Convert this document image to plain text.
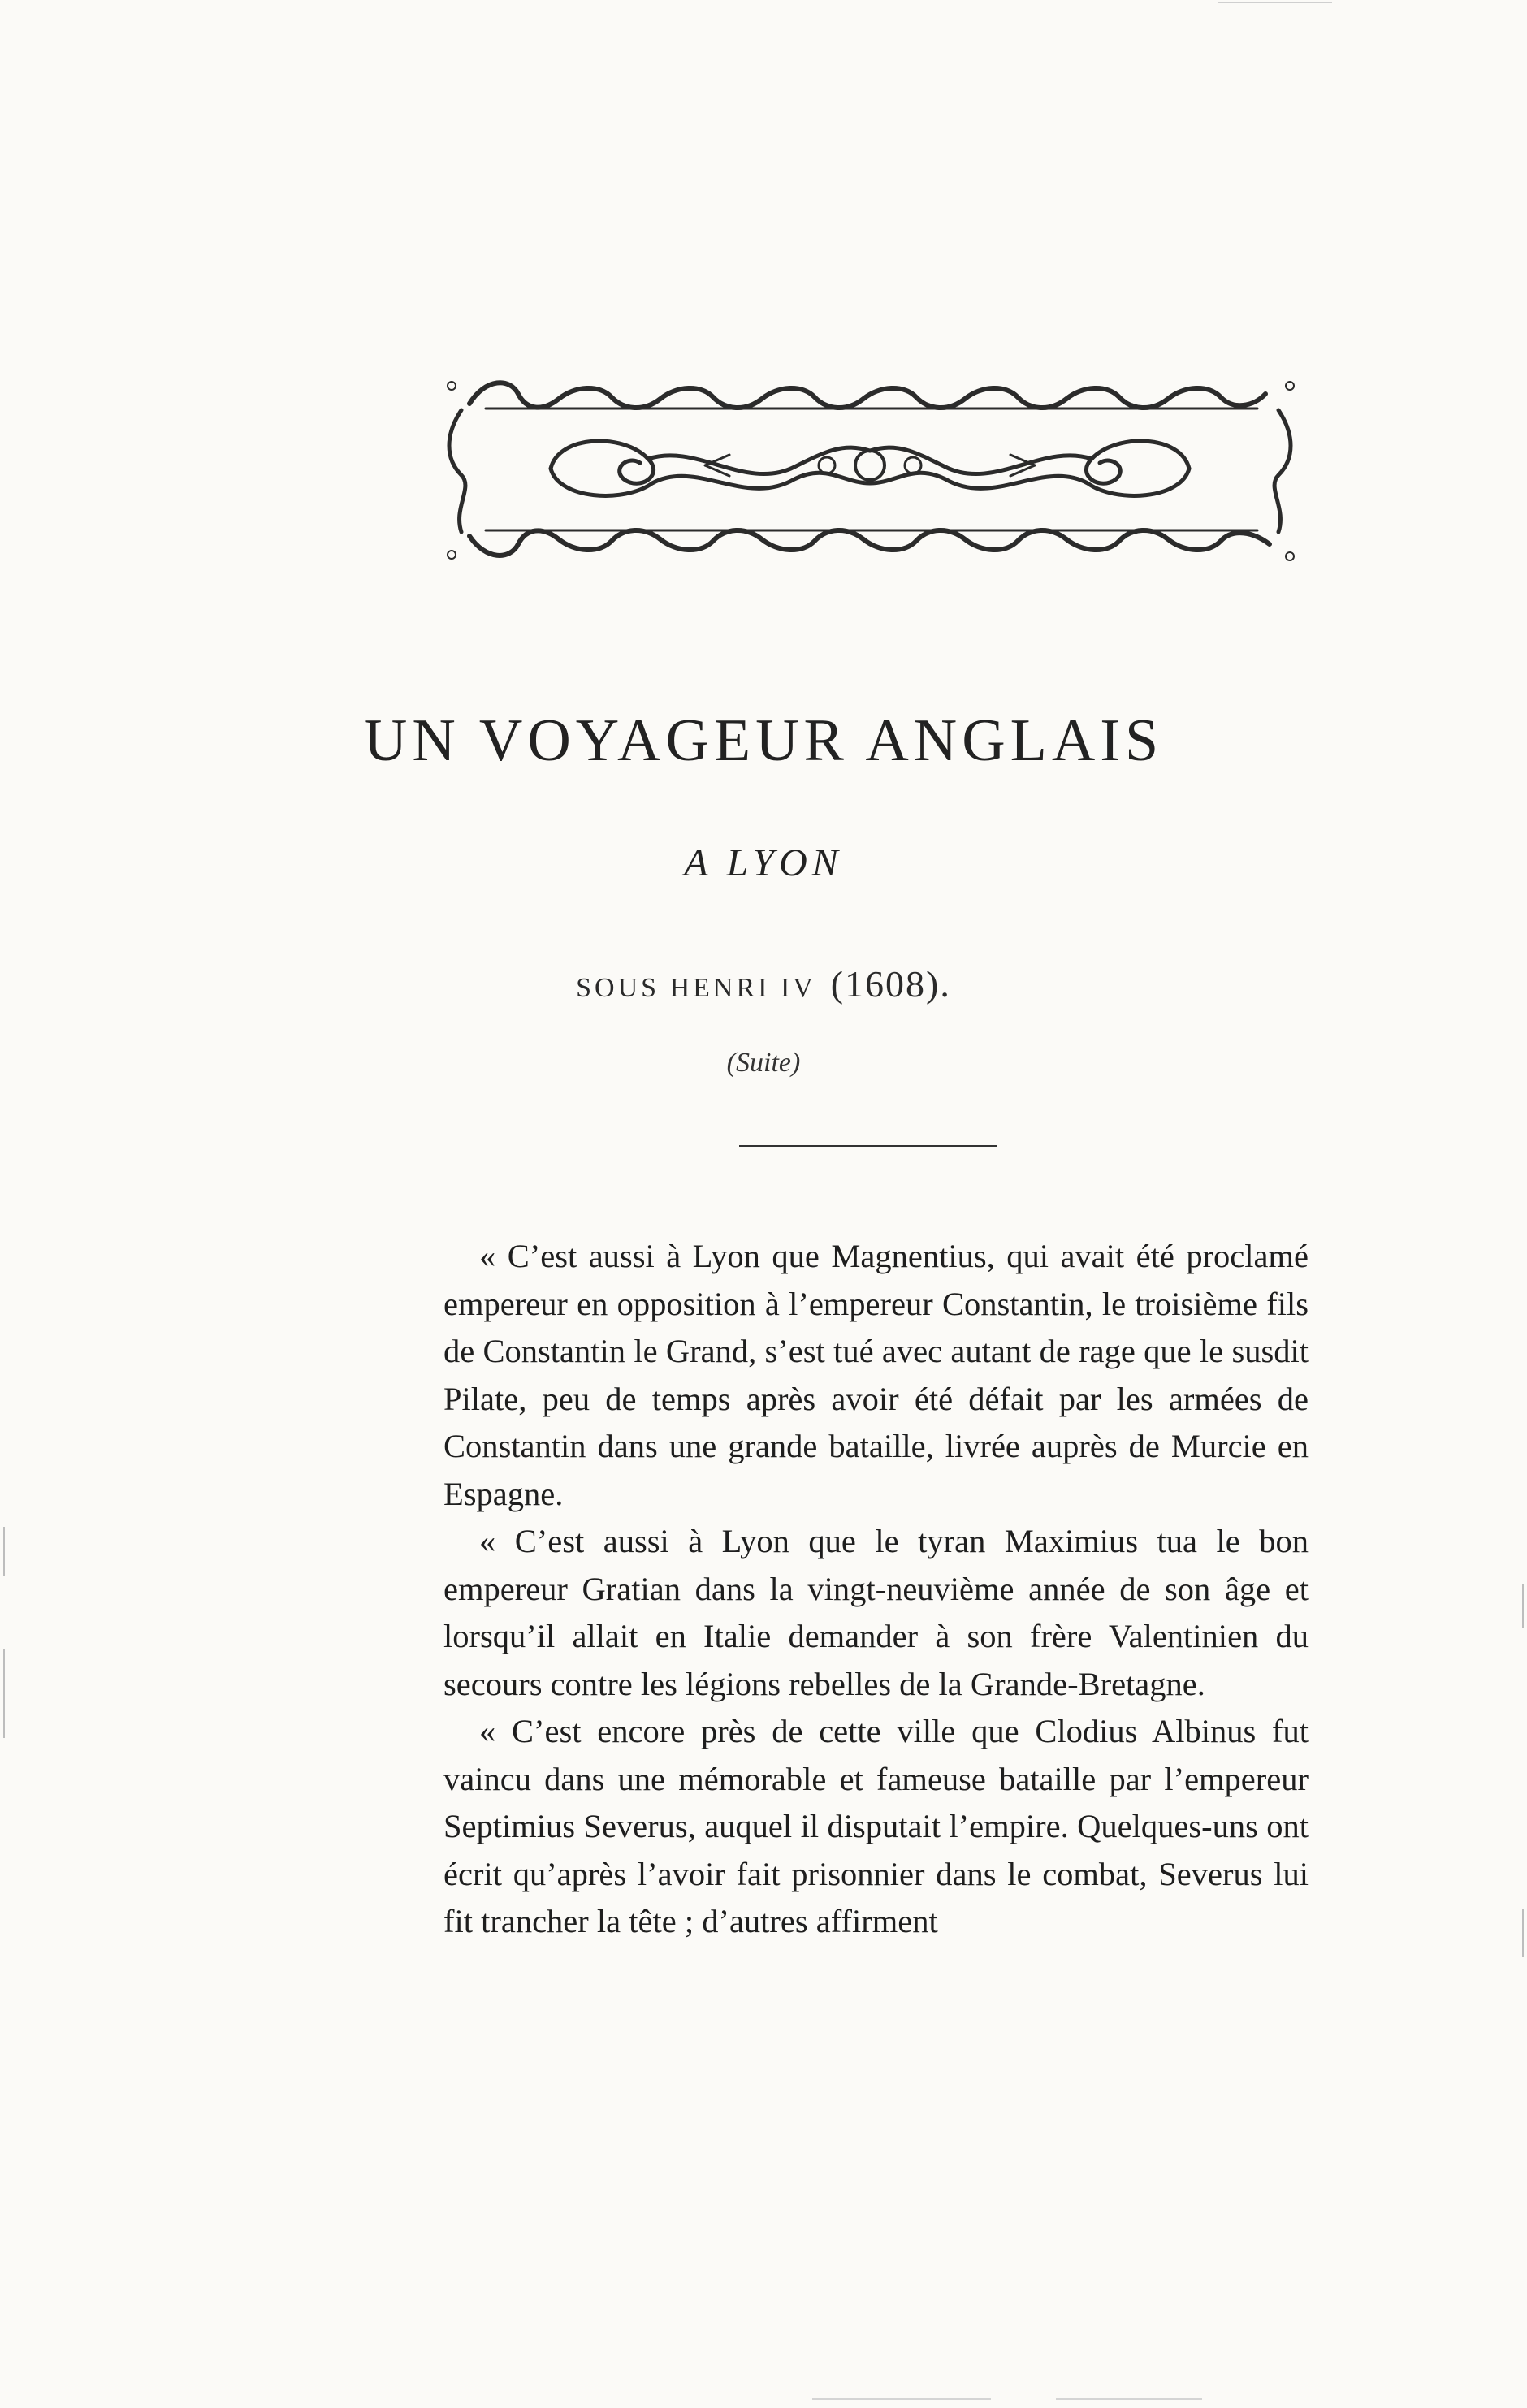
UN VOYAGEUR ANGLAIS
A LYON
SOUS HENRI IV (1608).
(Suite)

« C’est aussi à Lyon que Magnentius, qui avait été proclamé empereur en opposition à l’empereur Constantin, le troisième fils de Constantin le Grand, s’est tué avec autant de rage que le susdit Pilate, peu de temps après avoir été défait par les armées de Constantin dans une grande bataille, livrée auprès de Murcie en Espagne.

« C’est aussi à Lyon que le tyran Maximius tua le bon empereur Gratian dans la vingt-neuvième année de son âge et lorsqu’il allait en Italie demander à son frère Valentinien du secours contre les légions rebelles de la Grande-Bretagne.

« C’est encore près de cette ville que Clodius Albinus fut vaincu dans une mémorable et fameuse bataille par l’empereur Septimius Severus, auquel il disputait l’empire. Quelques-uns ont écrit qu’après l’avoir fait prisonnier dans le combat, Severus lui fit trancher la tête ; d’autres affirment
